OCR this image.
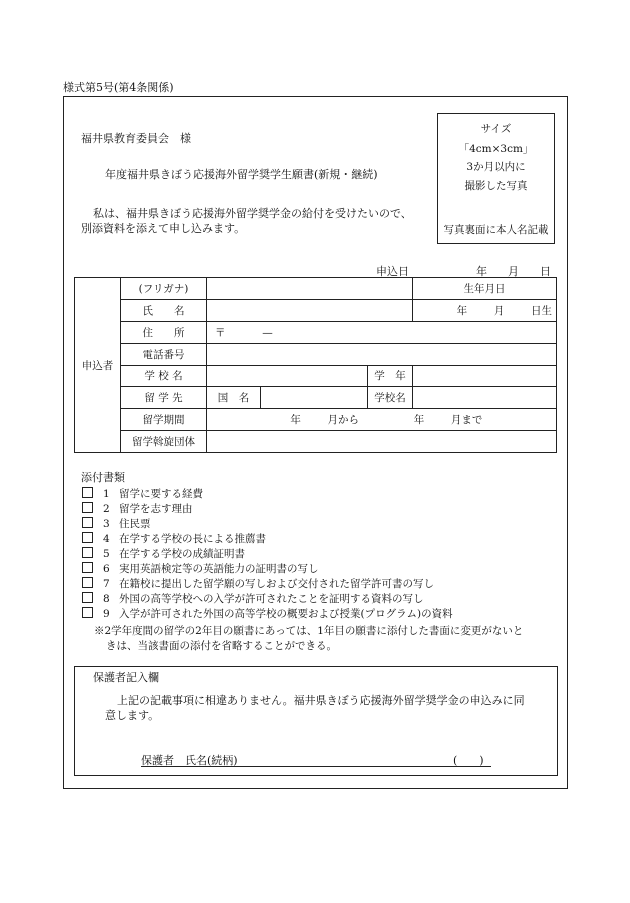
様式第5号(第4条関係)
福井県教育委員会　様
年度福井県きぼう応援海外留学奨学生願書(新規・継続)
私は、福井県きぼう応援海外留学奨学金の給付を受けたいので、
別添資料を添えて申し込みます。
サイズ
「4cm×3cm」
3か月以内に
撮影した写真
写真裏面に本人名記載
申込日	年 月 日
申込者	(フリガナ)				生年月日
	氏　　名				年 月 日生
	住　　所	〒 —			
	電話番号				
	学 校 名			学　年	
	留 学 先	国　名		学校名	
	留学期間	年 月から 年 月まで			
	留学斡旋団体				
添付書類
1 留学に要する経費
2 留学を志す理由
3 住民票
4 在学する学校の長による推薦書
5 在学する学校の成績証明書
6 実用英語検定等の英語能力の証明書の写し
7 在籍校に提出した留学願の写しおよび交付された留学許可書の写し
8 外国の高等学校への入学が許可されたことを証明する資料の写し
9 入学が許可された外国の高等学校の概要および授業(プログラム)の資料
※2学年度間の留学の2年目の願書にあっては、1年目の願書に添付した書面に変更がないと
きは、当該書面の添付を省略することができる。
保護者記入欄
上記の記載事項に相違ありません。福井県きぼう応援海外留学奨学金の申込みに同
意します。
保護者　氏名(続柄)	(　　)
